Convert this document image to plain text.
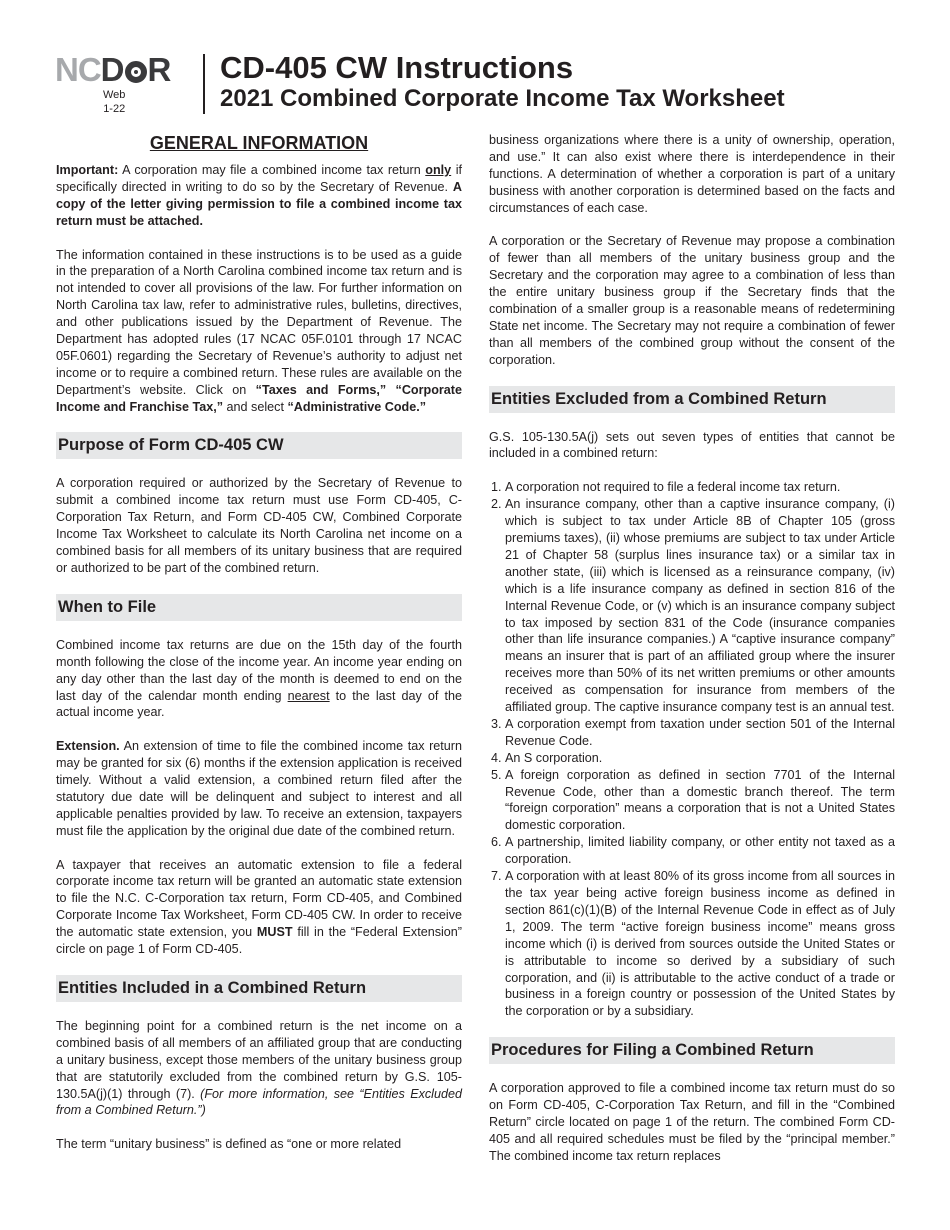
NCD R
Web
1-22
CD-405 CW Instructions
2021 Combined Corporate Income Tax Worksheet
GENERAL INFORMATION

Important: A corporation may file a combined income tax return only if specifically directed in writing to do so by the Secretary of Revenue. A copy of the letter giving permission to file a combined income tax return must be attached.

The information contained in these instructions is to be used as a guide in the preparation of a North Carolina combined income tax return and is not intended to cover all provisions of the law. For further information on North Carolina tax law, refer to administrative rules, bulletins, directives, and other publications issued by the Department of Revenue. The Department has adopted rules (17 NCAC 05F.0101 through 17 NCAC 05F.0601) regarding the Secretary of Revenue’s authority to adjust net income or to require a combined return. These rules are available on the Department’s website. Click on “Taxes and Forms,” “Corporate Income and Franchise Tax,” and select “Administrative Code.”

Purpose of Form CD-405 CW

A corporation required or authorized by the Secretary of Revenue to submit a combined income tax return must use Form CD-405, C-Corporation Tax Return, and Form CD-405 CW, Combined Corporate Income Tax Worksheet to calculate its North Carolina net income on a combined basis for all members of its unitary business that are required or authorized to be part of the combined return.

When to File

Combined income tax returns are due on the 15th day of the fourth month following the close of the income year. An income year ending on any day other than the last day of the month is deemed to end on the last day of the calendar month ending nearest to the last day of the actual income year.

Extension. An extension of time to file the combined income tax return may be granted for six (6) months if the extension application is received timely. Without a valid extension, a combined return filed after the statutory due date will be delinquent and subject to interest and all applicable penalties provided by law. To receive an extension, taxpayers must file the application by the original due date of the combined return.

A taxpayer that receives an automatic extension to file a federal corporate income tax return will be granted an automatic state extension to file the N.C. C-Corporation tax return, Form CD-405, and Combined Corporate Income Tax Worksheet, Form CD-405 CW. In order to receive the automatic state extension, you MUST fill in the “Federal Extension” circle on page 1 of Form CD-405.

Entities Included in a Combined Return

The beginning point for a combined return is the net income on a combined basis of all members of an affiliated group that are conducting a unitary business, except those members of the unitary business group that are statutorily excluded from the combined return by G.S. 105-130.5A(j)(1) through (7). (For more information, see “Entities Excluded from a Combined Return.”)

The term “unitary business” is defined as “one or more related

business organizations where there is a unity of ownership, operation, and use.” It can also exist where there is interdependence in their functions. A determination of whether a corporation is part of a unitary business with another corporation is determined based on the facts and circumstances of each case.

A corporation or the Secretary of Revenue may propose a combination of fewer than all members of the unitary business group and the Secretary and the corporation may agree to a combination of less than the entire unitary business group if the Secretary finds that the combination of a smaller group is a reasonable means of redetermining State net income. The Secretary may not require a combination of fewer than all members of the combined group without the consent of the corporation.

Entities Excluded from a Combined Return

G.S. 105-130.5A(j) sets out seven types of entities that cannot be included in a combined return:

1. A corporation not required to file a federal income tax return.
2. An insurance company, other than a captive insurance company, (i) which is subject to tax under Article 8B of Chapter 105 (gross premiums taxes), (ii) whose premiums are subject to tax under Article 21 of Chapter 58 (surplus lines insurance tax) or a similar tax in another state, (iii) which is licensed as a reinsurance company, (iv) which is a life insurance company as defined in section 816 of the Internal Revenue Code, or (v) which is an insurance company subject to tax imposed by section 831 of the Code (insurance companies other than life insurance companies.) A “captive insurance company” means an insurer that is part of an affiliated group where the insurer receives more than 50% of its net written premiums or other amounts received as compensation for insurance from members of the affiliated group. The captive insurance company test is an annual test.
3. A corporation exempt from taxation under section 501 of the Internal Revenue Code.
4. An S corporation.
5. A foreign corporation as defined in section 7701 of the Internal Revenue Code, other than a domestic branch thereof. The term “foreign corporation” means a corporation that is not a United States domestic corporation.
6. A partnership, limited liability company, or other entity not taxed as a corporation.
7. A corporation with at least 80% of its gross income from all sources in the tax year being active foreign business income as defined in section 861(c)(1)(B) of the Internal Revenue Code in effect as of July 1, 2009. The term “active foreign business income” means gross income which (i) is derived from sources outside the United States or is attributable to income so derived by a subsidiary of such corporation, and (ii) is attributable to the active conduct of a trade or business in a foreign country or possession of the United States by the corporation or by a subsidiary.
Procedures for Filing a Combined Return

A corporation approved to file a combined income tax return must do so on Form CD-405, C-Corporation Tax Return, and fill in the “Combined Return” circle located on page 1 of the return. The combined Form CD-405 and all required schedules must be filed by the “principal member.” The combined income tax return replaces
